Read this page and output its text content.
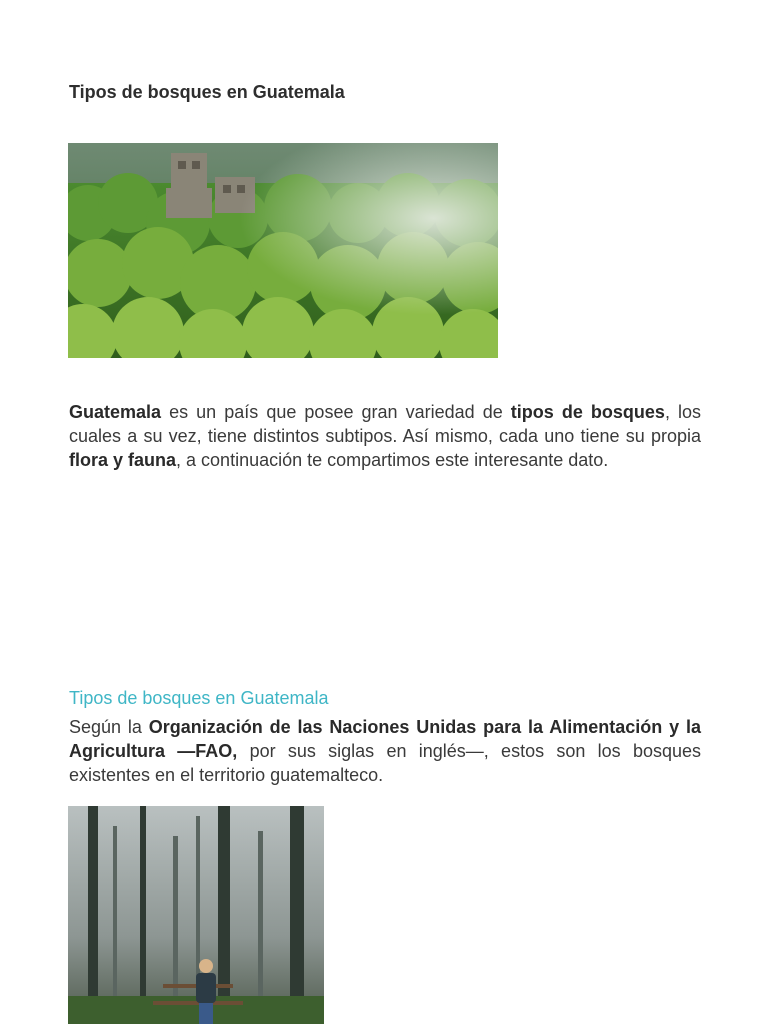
Tipos de bosques en Guatemala

Guatemala es un país que posee gran variedad de tipos de bosques, los cuales a su vez, tiene distintos subtipos. Así mismo, cada uno tiene su propia flora y fauna, a continuación te compartimos este interesante dato.

Tipos de bosques en Guatemala

Según la Organización de las Naciones Unidas para la Alimentación y la Agricultura —FAO, por sus siglas en inglés—, estos son los bosques existentes en el territorio guatemalteco.
